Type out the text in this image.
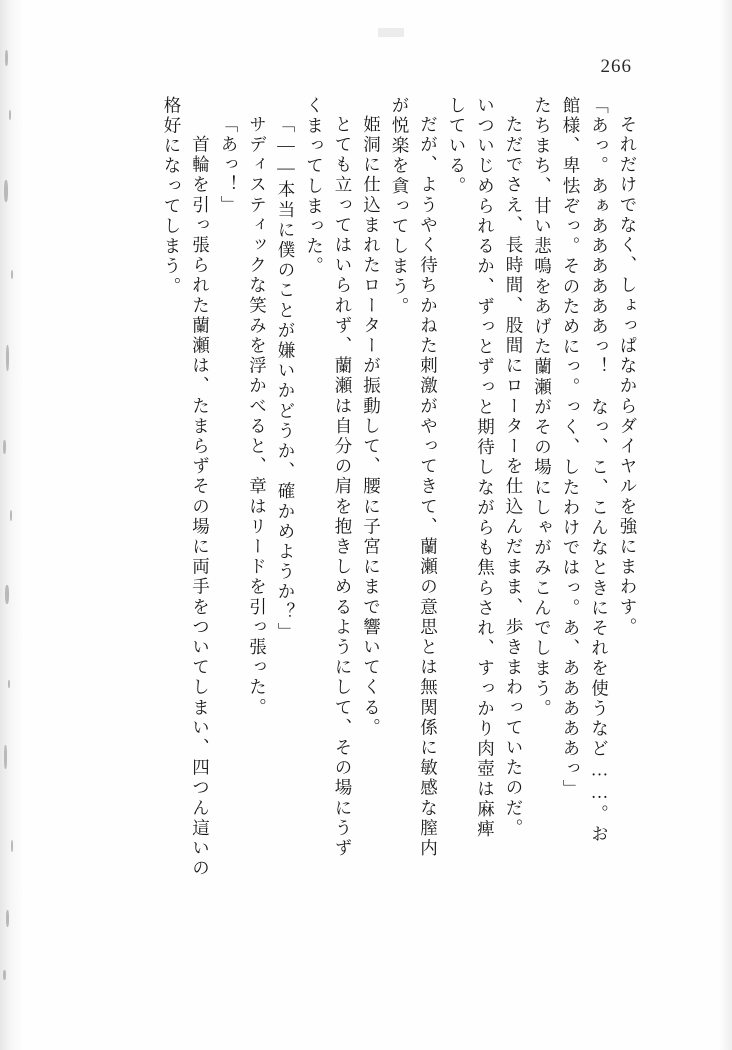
266
それだけでなく、しょっぱなからダイヤルを強にまわす。
「あっ。あぁああああああっ！　なっ、こ、こんなときにそれを使うなど……。お
館様、卑怯ぞっ。そのためにっ。っく、したわけではっ。あ、あああああっ」
たちまち、甘い悲鳴をあげた蘭瀬がその場にしゃがみこんでしまう。
ただでさえ、長時間、股間にローターを仕込んだまま、歩きまわっていたのだ。
いついじめられるか、ずっとずっと期待しながらも焦らされ、すっかり肉壺は麻痺
している。
だが、ようやく待ちかねた刺激がやってきて、蘭瀬の意思とは無関係に敏感な膣内
が悦楽を貪ってしまう。
姫洞に仕込まれたローターが振動して、腰に子宮にまで響いてくる。
とても立ってはいられず、蘭瀬は自分の肩を抱きしめるようにして、その場にうず
くまってしまった。
「――本当に僕のことが嫌いかどうか、確かめようか？」
サディスティックな笑みを浮かべると、章はリードを引っ張った。
「あっ！」
　首輪を引っ張られた蘭瀬は、たまらずその場に両手をついてしまい、四つん這いの
格好になってしまう。
